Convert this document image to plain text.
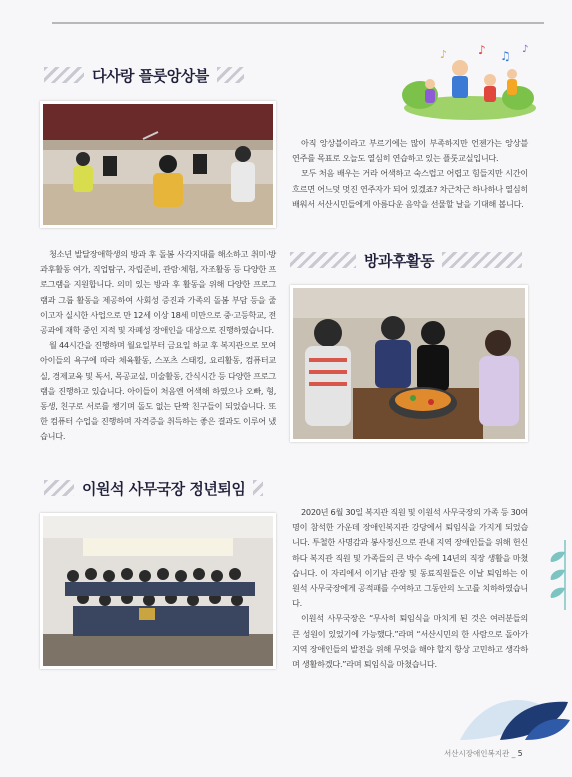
다사랑 플룻앙상블
♪ ♫
♪	♪

아직 앙상블이라고 부르기에는 많이 부족하지만 언젠가는 앙상블 연주를 목표로 오늘도 열심히 연습하고 있는 플룻교실입니다.

모두 처음 배우는 거라 어색하고 숙스럽고 어렵고 힘들지만 시간이 흐르면 어느덧 멋진 연주자가 되어 있겠죠? 차근차근 하나하나 열심히 배워서 서산시민들에게 아름다운 음악을 선물할 날을 기대해 봅니다.

청소년 발달장애학생의 방과 후 돌봄 사각지대를 해소하고 취미·방과후활동 여가, 직업탐구, 자립준비, 관람·체험, 자조활동 등 다양한 프로그램을 지원합니다. 의미 있는 방과 후 활동을 위해 다양한 프로그램과 그룹 활동을 제공하여 사회성 증진과 가족의 돌봄 부담 등을 줄이고자 실시한 사업으로 만 12세 이상 18세 미만으로 중·고등학교, 전공과에 재학 중인 지적 및 자폐성 장애인을 대상으로 진행하였습니다.

월 44시간을 진행하며 월요일부터 금요일 하교 후 복지관으로 모여 아이들의 욕구에 따라 체육활동, 스포츠 스태킹, 요리활동, 컴퓨터교실, 경제교육 및 독서, 목공교실, 미술활동, 간식시간 등 다양한 프로그램을 진행하고 있습니다. 아이들이 처음엔 어색해 하였으나 오빠, 형, 동생, 친구로 서로를 챙기며 돌도 없는 단짝 친구들이 되었습니다. 또한 컴퓨터 수업을 진행하며 자격증을 취득하는 좋은 결과도 이루어 냈습니다.

방과후활동
이원석 사무국장 정년퇴임

2020년 6월 30일 복지관 직원 및 이원석 사무국장의 가족 등 30여 명이 참석한 가운데 장애인복지관 강당에서 퇴임식을 가지게 되었습니다. 투철한 사명감과 봉사정신으로 관내 지역 장애인들을 위해 헌신하다 복지관 직원 및 가족들의 큰 박수 속에 14년의 직장 생활을 마쳤습니다. 이 자리에서 이기남 관장 및 동료직원들은 이날 퇴임하는 이원석 사무국장에게 공적패를 수여하고 그동안의 노고를 치하하였습니다.

이원석 사무국장은 “무사히 퇴임식을 마치게 된 것은 여러분들의 큰 성원이 있었기에 가능했다.”라며 “서산시민의 한 사람으로 돌아가 지역 장애인들의 발전을 위해 무엇을 해야 할지 항상 고민하고 생각하며 생활하겠다.”라며 퇴임식을 마쳤습니다.

서산시장애인복지관 _ 5
